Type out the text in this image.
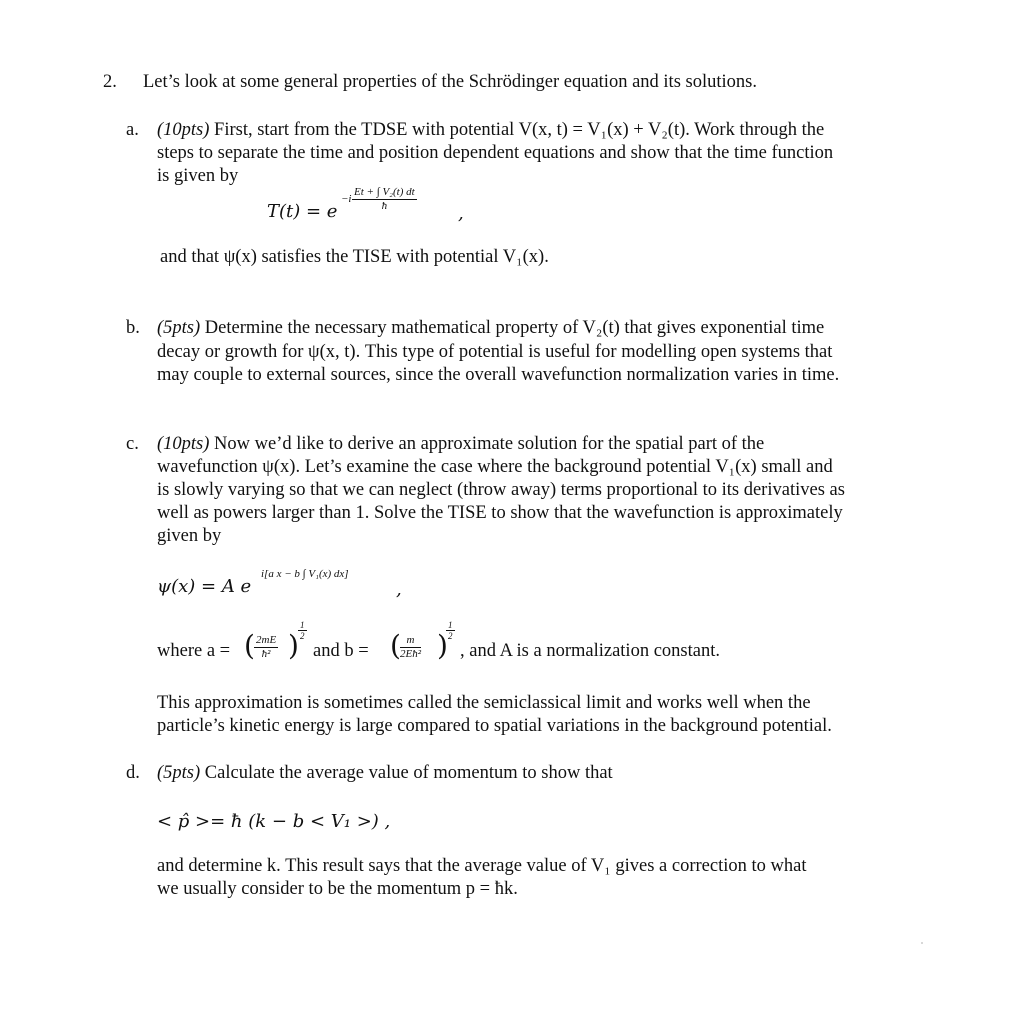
2. Let’s look at some general properties of the Schrödinger equation and its solutions.
a. (10pts) First, start from the TDSE with potential V(x, t) = V₁(x) + V₂(t). Work through the
steps to separate the time and position dependent equations and show that the time function
is given by
T(t) = e
$-i \frac{\text{Et + ∫ V₂(t) dt}}{ħ}$
,
and that ψ(x) satisfies the TISE with potential V₁(x).
b. (5pts) Determine the necessary mathematical property of V₂(t) that gives exponential time
decay or growth for ψ(x, t). This type of potential is useful for modelling open systems that
may couple to external sources, since the overall wavefunction normalization varies in time.
c. (10pts) Now we’d like to derive an approximate solution for the spatial part of the
wavefunction ψ(x). Let’s examine the case where the background potential V₁(x) small and
is slowly varying so that we can neglect (throw away) terms proportional to its derivatives as
well as powers larger than 1. Solve the TISE to show that the wavefunction is approximately
given by
ψ(x) = A e
i[a x − b ∫ V₁(x) dx]
,
where a = ( $\frac{2mE}{\text{ħ²}}$ ) $\frac{1}{2}$
and b = ( $\frac{m}{\text{2Eħ²}}$ )
$\frac{1}{2}$
, and A is a normalization constant.
This approximation is sometimes called the semiclassical limit and works well when the
particle’s kinetic energy is large compared to spatial variations in the background potential.
d. (5pts) Calculate the average value of momentum to show that
< p̂ >= ħ (k − b < V₁ >) ,
and determine k. This result says that the average value of V₁ gives a correction to what
we usually consider to be the momentum p = ħk.
